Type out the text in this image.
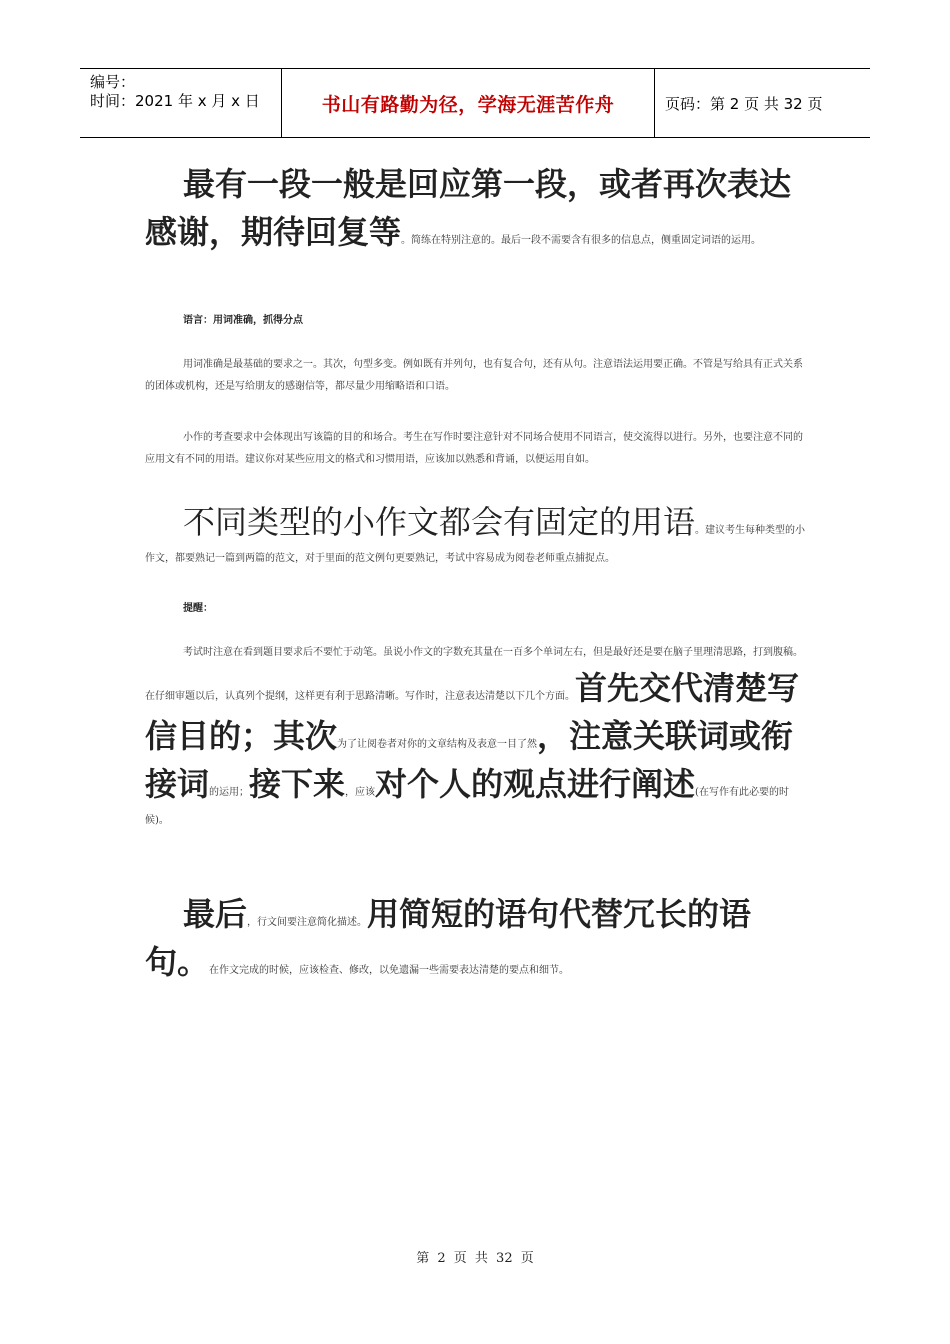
编号：
时间：2021 年 x 月 x 日	书山有路勤为径，学海无涯苦作舟	页码：第 2 页 共 32 页
最有一段一般是回应第一段，或者再次表达感谢，期待回复等。简练在特别注意的。最后一段不需要含有很多的信息点，侧重固定词语的运用。
语言：用词准确，抓得分点
用词准确是最基础的要求之一。其次，句型多变。例如既有并列句，也有复合句，还有从句。注意语法运用要正确。不管是写给具有正式关系的团体或机构，还是写给朋友的感谢信等，都尽量少用缩略语和口语。
小作的考查要求中会体现出写该篇的目的和场合。考生在写作时要注意针对不同场合使用不同语言，使交流得以进行。另外，也要注意不同的应用文有不同的用语。建议你对某些应用文的格式和习惯用语，应该加以熟悉和背诵，以便运用自如。
不同类型的小作文都会有固定的用语。建议考生每种类型的小作文，都要熟记一篇到两篇的范文，对于里面的范文例句更要熟记，考试中容易成为阅卷老师重点捕捉点。
提醒：
考试时注意在看到题目要求后不要忙于动笔。虽说小作文的字数充其量在一百多个单词左右，但是最好还是要在脑子里理清思路，打到腹稿。在仔细审题以后，认真列个提纲，这样更有利于思路清晰。写作时，注意表达清楚以下几个方面。首先交代清楚写信目的；其次为了让阅卷者对你的文章结构及表意一目了然，注意关联词或衔接词的运用；接下来，应该对个人的观点进行阐述(在写作有此必要的时候)。
最后，行文间要注意简化描述。用简短的语句代替冗长的语句。在作文完成的时候，应该检查、修改，以免遗漏一些需要表达清楚的要点和细节。
第 2 页 共 32 页
